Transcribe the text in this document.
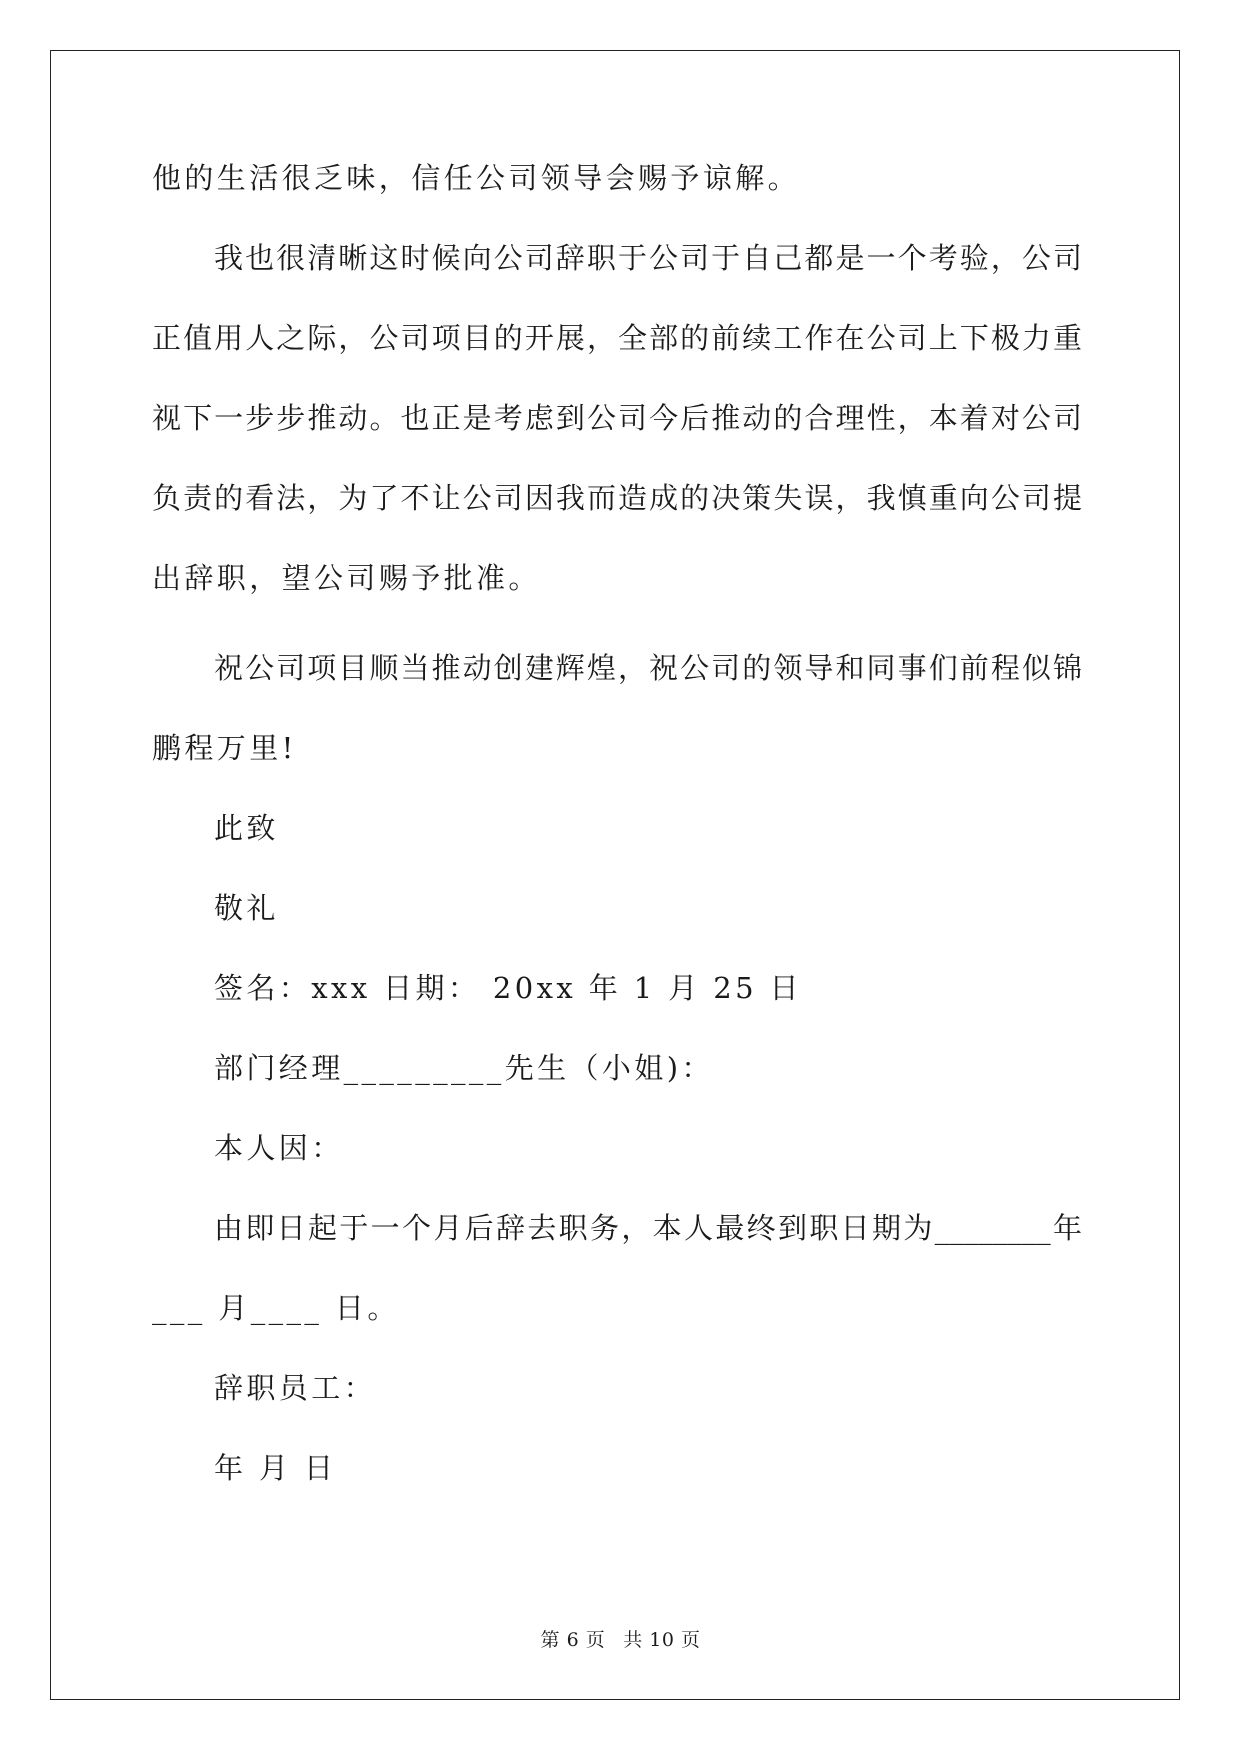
他的生活很乏味，信任公司领导会赐予谅解。
我也很清晰这时候向公司辞职于公司于自己都是一个考验，公司
正值用人之际，公司项目的开展，全部的前续工作在公司上下极力重
视下一步步推动。也正是考虑到公司今后推动的合理性，本着对公司
负责的看法，为了不让公司因我而造成的决策失误，我慎重向公司提
出辞职，望公司赐予批准。
祝公司项目顺当推动创建辉煌，祝公司的领导和同事们前程似锦
鹏程万里!
此致
敬礼
签名：xxx 日期： 20xx 年 1 月 25 日
部门经理_________先生（小姐)：
本人因：
由即日起于一个月后辞去职务，本人最终到职日期为________年
___ 月____ 日。
辞职员工：
年 月 日
第 6 页 共 10 页
